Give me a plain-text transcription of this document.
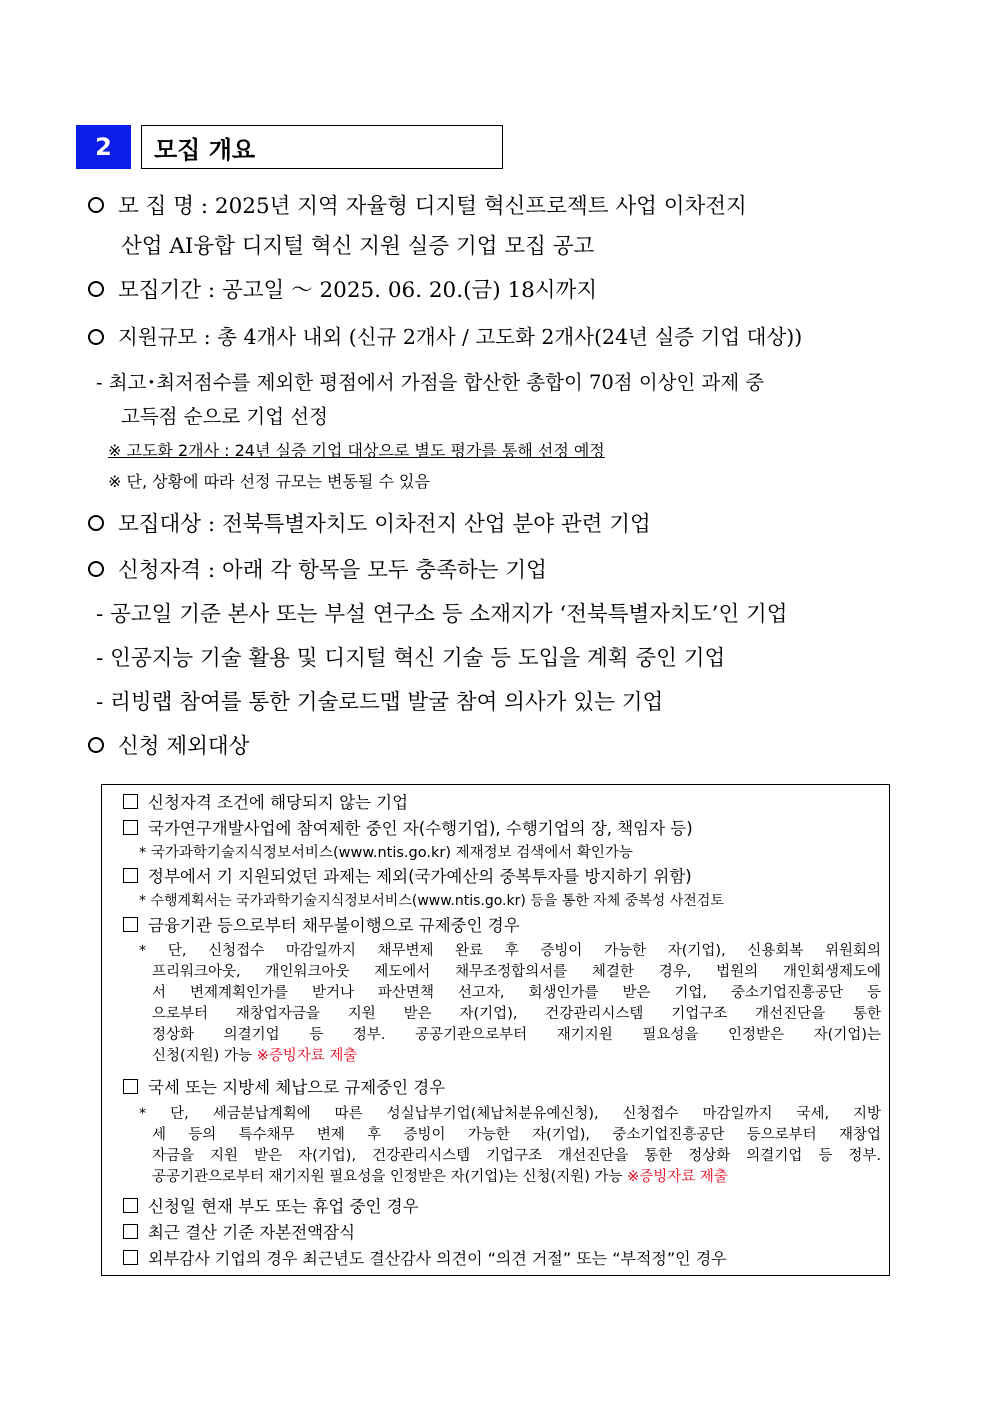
2	모집 개요
모 집 명 : 2025년 지역 자율형 디지털 혁신프로젝트 사업 이차전지
산업 AI융합 디지털 혁신 지원 실증 기업 모집 공고
모집기간 : 공고일 ～ 2025. 06. 20.(금) 18시까지
지원규모 : 총 4개사 내외 (신규 2개사 / 고도화 2개사(24년 실증 기업 대상))
- 최고･최저점수를 제외한 평점에서 가점을 합산한 총합이 70점 이상인 과제 중
고득점 순으로 기업 선정
※ 고도화 2개사 : 24년 실증 기업 대상으로 별도 평가를 통해 선정 예정
※ 단, 상황에 따라 선정 규모는 변동될 수 있음
모집대상 : 전북특별자치도 이차전지 산업 분야 관련 기업
신청자격 : 아래 각 항목을 모두 충족하는 기업
- 공고일 기준 본사 또는 부설 연구소 등 소재지가 ‘전북특별자치도’인 기업
- 인공지능 기술 활용 및 디지털 혁신 기술 등 도입을 계획 중인 기업
- 리빙랩 참여를 통한 기술로드맵 발굴 참여 의사가 있는 기업
신청 제외대상
신청자격 조건에 해당되지 않는 기업
국가연구개발사업에 참여제한 중인 자(수행기업), 수행기업의 장, 책임자 등)
* 국가과학기술지식정보서비스(www.ntis.go.kr) 제재정보 검색에서 확인가능
정부에서 기 지원되었던 과제는 제외(국가예산의 중복투자를 방지하기 위함)
* 수행계획서는 국가과학기술지식정보서비스(www.ntis.go.kr) 등을 통한 자체 중복성 사전검토
금융기관 등으로부터 채무불이행으로 규제중인 경우
* 단, 신청접수 마감일까지 채무변제 완료 후 증빙이 가능한 자(기업), 신용회복 위원회의
프리워크아웃, 개인워크아웃 제도에서 채무조정합의서를 체결한 경우, 법원의 개인회생제도에
서 변제계획인가를 받거나 파산면책 선고자, 회생인가를 받은 기업, 중소기업진흥공단 등
으로부터 재창업자금을 지원 받은 자(기업), 건강관리시스템 기업구조 개선진단을 통한
정상화 의결기업 등 정부. 공공기관으로부터 재기지원 필요성을 인정받은 자(기업)는
신청(지원) 가능 ※증빙자료 제출
국세 또는 지방세 체납으로 규제중인 경우
* 단, 세금분납계획에 따른 성실납부기업(체납처분유예신청), 신청접수 마감일까지 국세, 지방
세 등의 특수채무 변제 후 증빙이 가능한 자(기업), 중소기업진흥공단 등으로부터 재창업
자금을 지원 받은 자(기업), 건강관리시스템 기업구조 개선진단을 통한 정상화 의결기업 등 정부.
공공기관으로부터 재기지원 필요성을 인정받은 자(기업)는 신청(지원) 가능 ※증빙자료 제출
신청일 현재 부도 또는 휴업 중인 경우
최근 결산 기준 자본전액잠식
외부감사 기업의 경우 최근년도 결산감사 의견이 “의견 거절” 또는 “부적정”인 경우
